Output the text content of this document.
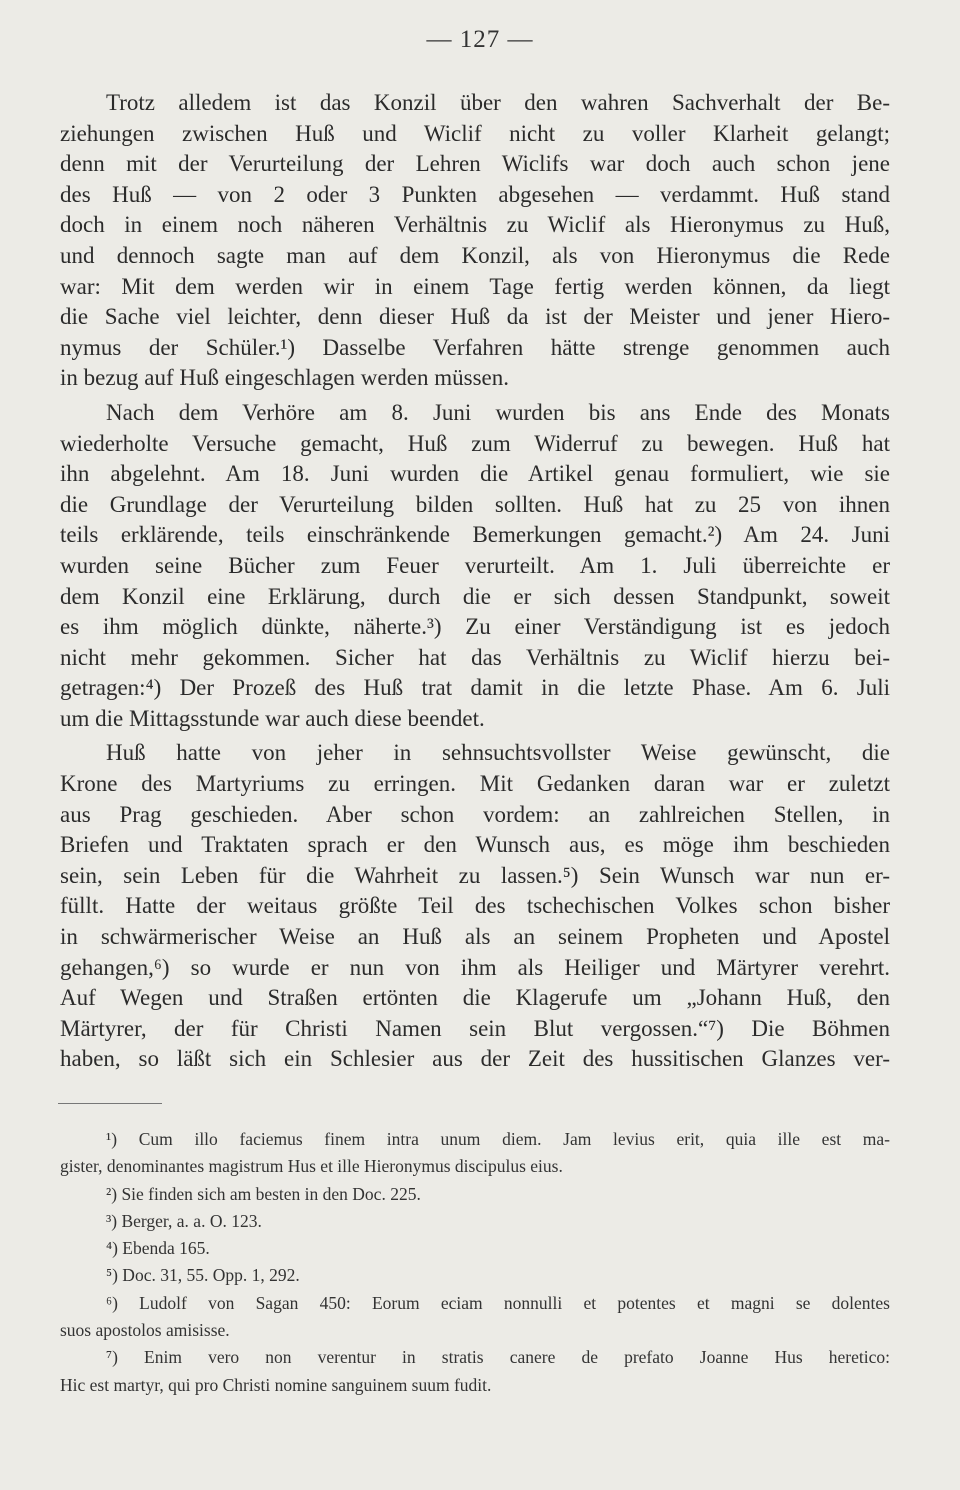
— 127 —

Trotz alledem ist das Konzil über den wahren Sachverhalt der Be-
ziehungen zwischen Huß und Wiclif nicht zu voller Klarheit gelangt;
denn mit der Verurteilung der Lehren Wiclifs war doch auch schon jene
des Huß — von 2 oder 3 Punkten abgesehen — verdammt. Huß stand
doch in einem noch näheren Verhältnis zu Wiclif als Hieronymus zu Huß,
und dennoch sagte man auf dem Konzil, als von Hieronymus die Rede
war: Mit dem werden wir in einem Tage fertig werden können, da liegt
die Sache viel leichter, denn dieser Huß da ist der Meister und jener Hiero-
nymus der Schüler.¹) Dasselbe Verfahren hätte strenge genommen auch
in bezug auf Huß eingeschlagen werden müssen.

Nach dem Verhöre am 8. Juni wurden bis ans Ende des Monats
wiederholte Versuche gemacht, Huß zum Widerruf zu bewegen. Huß hat
ihn abgelehnt. Am 18. Juni wurden die Artikel genau formuliert, wie sie
die Grundlage der Verurteilung bilden sollten. Huß hat zu 25 von ihnen
teils erklärende, teils einschränkende Bemerkungen gemacht.²) Am 24. Juni
wurden seine Bücher zum Feuer verurteilt. Am 1. Juli überreichte er
dem Konzil eine Erklärung, durch die er sich dessen Standpunkt, soweit
es ihm möglich dünkte, näherte.³) Zu einer Verständigung ist es jedoch
nicht mehr gekommen. Sicher hat das Verhältnis zu Wiclif hierzu bei-
getragen:⁴) Der Prozeß des Huß trat damit in die letzte Phase. Am 6. Juli
um die Mittagsstunde war auch diese beendet.

Huß hatte von jeher in sehnsuchtsvollster Weise gewünscht, die
Krone des Martyriums zu erringen. Mit Gedanken daran war er zuletzt
aus Prag geschieden. Aber schon vordem: an zahlreichen Stellen, in
Briefen und Traktaten sprach er den Wunsch aus, es möge ihm beschieden
sein, sein Leben für die Wahrheit zu lassen.⁵) Sein Wunsch war nun er-
füllt. Hatte der weitaus größte Teil des tschechischen Volkes schon bisher
in schwärmerischer Weise an Huß als an seinem Propheten und Apostel
gehangen,⁶) so wurde er nun von ihm als Heiliger und Märtyrer verehrt.
Auf Wegen und Straßen ertönten die Klagerufe um „Johann Huß, den
Märtyrer, der für Christi Namen sein Blut vergossen.“⁷) Die Böhmen
haben, so läßt sich ein Schlesier aus der Zeit des hussitischen Glanzes ver-

¹) Cum illo faciemus finem intra unum diem. Jam levius erit, quia ille est ma-
gister, denominantes magistrum Hus et ille Hieronymus discipulus eius.
²) Sie finden sich am besten in den Doc. 225.
³) Berger, a. a. O. 123.
⁴) Ebenda 165.
⁵) Doc. 31, 55. Opp. 1, 292.
⁶) Ludolf von Sagan 450: Eorum eciam nonnulli et potentes et magni se dolentes
suos apostolos amisisse.
⁷) Enim vero non verentur in stratis canere de prefato Joanne Hus heretico:
Hic est martyr, qui pro Christi nomine sanguinem suum fudit.
